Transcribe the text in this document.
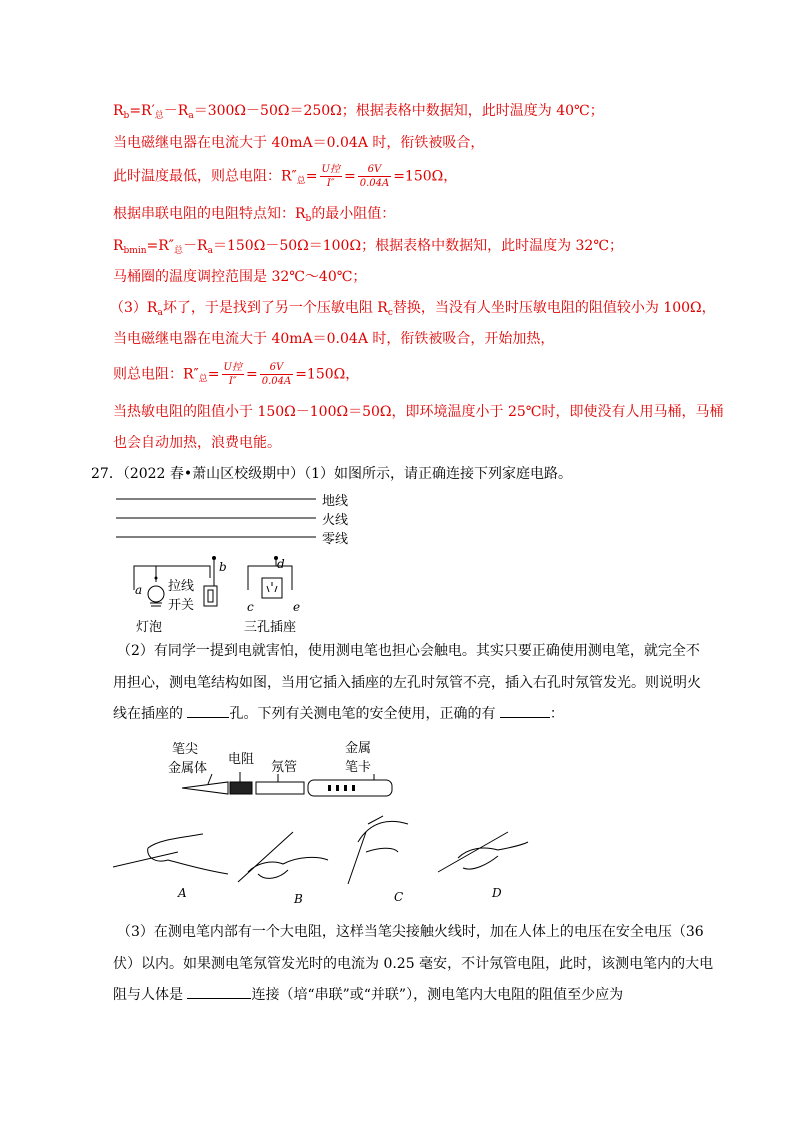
$R_b=R'_总-R_a=300\Omega-50\Omega=250\Omega$；根据表格中数据知，此时温度为 40℃；
当电磁继电器在电流大于 40mA＝0.04A 时，衔铁被吸合，
此时温度最低，则总电阻：$R''_总= \frac{\text{U控}}{I''} = \frac{6V}{0.04A} =150\Omega$，
根据串联电阻的电阻特点知：$R_b$的最小阻值：
$R_{bmin}=R''_总-R_a=150\Omega-50\Omega=100\Omega$；根据表格中数据知，此时温度为 32℃；
马桶圈的温度调控范围是 32℃～40℃；
$(3)R_a$坏了，于是找到了另一个压敏电阻 $R_c$替换，当没有人坐时压敏电阻的阻值较小为 100Ω，
当电磁继电器在电流大于 40mA＝0.04A 时，衔铁被吸合，开始加热，
则总电阻：$R''_总= \frac{\text{U控}}{I''} = \frac{6V}{0.04A} =150\Omega$，
当热敏电阻的阻值小于 150Ω－100Ω＝50Ω，即环境温度小于 25℃时，即使没有人用马桶，马桶
也会自动加热，浪费电能。
27．（2022 春•萧山区校级期中）（1）如图所示，请正确连接下列家庭电路。
地线
火线
零线
拉线
开关
灯泡	三孔插座
a
b
c
d
e
（2）有同学一提到电就害怕，使用测电笔也担心会触电。其实只要正确使用测电笔，就完全不
用担心，测电笔结构如图，当用它插入插座的左孔时氖管不亮，插入右孔时氖管发光。则说明火
线在插座的	孔。下列有关测电笔的安全使用，正确的有	：
笔尖
金属体
电阻
氖管
金属
笔卡
A	B	C	D
（3）在测电笔内部有一个大电阻，这样当笔尖接触火线时，加在人体上的电压在安全电压（36
伏）以内。如果测电笔氖管发光时的电流为 0.25 毫安，不计氖管电阻，此时，该测电笔内的大电
阻与人体是	连接（培“串联”或“并联”），测电笔内大电阻的阻值至少应为
